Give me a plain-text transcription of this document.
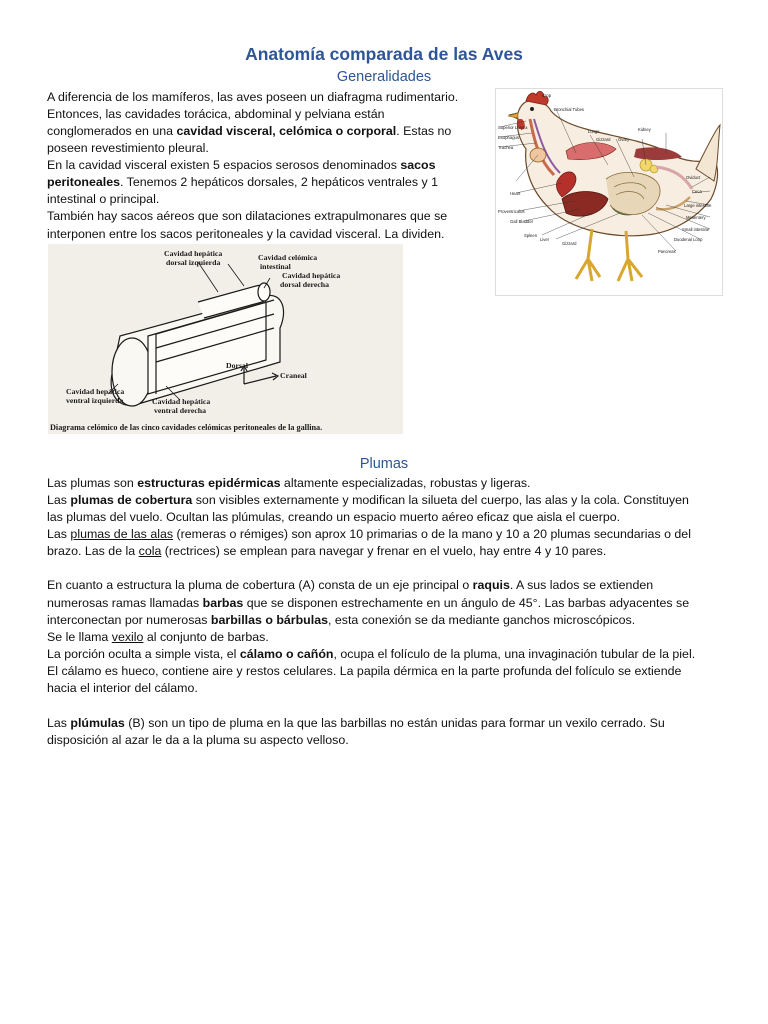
Anatomía comparada de las Aves
Generalidades
A diferencia de los mamíferos, las aves poseen un diafragma rudimentario.
Entonces, las cavidades torácica, abdominal y pelviana están
conglomerados en una cavidad visceral, celómica o corporal. Estas no
poseen revestimiento pleural.
En la cavidad visceral existen 5 espacios serosos denominados sacos
peritoneales. Tenemos 2 hepáticos dorsales, 2 hepáticos ventrales y 1
intestinal o principal.
También hay sacos aéreos que son dilataciones extrapulmonares que se
interponen entre los sacos peritoneales y la cavidad visceral. La dividen.
Crop
Bronchial Tubes
Lungs	Kidney
Superior Larynx
Esophagus
Trachea
Gizzard Ovary
Oviduct
Heart	Ceca
Large intestine
Proventriculus
Gall Bladder
Mesentery
Spleen
Small intestine
Liver
Gizzard
Duodenal Loop
Pancreas
Cavidad hepática
dorsal izquierda
Cavidad celómica
intestinal
Cavidad hepática
dorsal derecha
Dorsal
Craneal
Cavidad hepática
ventral izquierda	Cavidad hepática
ventral derecha
Diagrama celómico de las cinco cavidades celómicas peritoneales de la gallina.
Plumas
Las plumas son estructuras epidérmicas altamente especializadas, robustas y ligeras.
Las plumas de cobertura son visibles externamente y modifican la silueta del cuerpo, las alas y la cola. Constituyen
las plumas del vuelo. Ocultan las plúmulas, creando un espacio muerto aéreo eficaz que aisla el cuerpo.
Las plumas de las alas (remeras o rémiges) son aprox 10 primarias o de la mano y 10 a 20 plumas secundarias o del
brazo. Las de la cola (rectrices) se emplean para navegar y frenar en el vuelo, hay entre 4 y 10 pares.
En cuanto a estructura la pluma de cobertura (A) consta de un eje principal o raquis. A sus lados se extienden
numerosas ramas llamadas barbas que se disponen estrechamente en un ángulo de 45°. Las barbas adyacentes se
interconectan por numerosas barbillas o bárbulas, esta conexión se da mediante ganchos microscópicos.
Se le llama vexilo al conjunto de barbas.
La porción oculta a simple vista, el cálamo o cañón, ocupa el folículo de la pluma, una invaginación tubular de la piel.
El cálamo es hueco, contiene aire y restos celulares. La papila dérmica en la parte profunda del folículo se extiende
hacia el interior del cálamo.
Las plúmulas (B) son un tipo de pluma en la que las barbillas no están unidas para formar un vexilo cerrado. Su
disposición al azar le da a la pluma su aspecto velloso.
